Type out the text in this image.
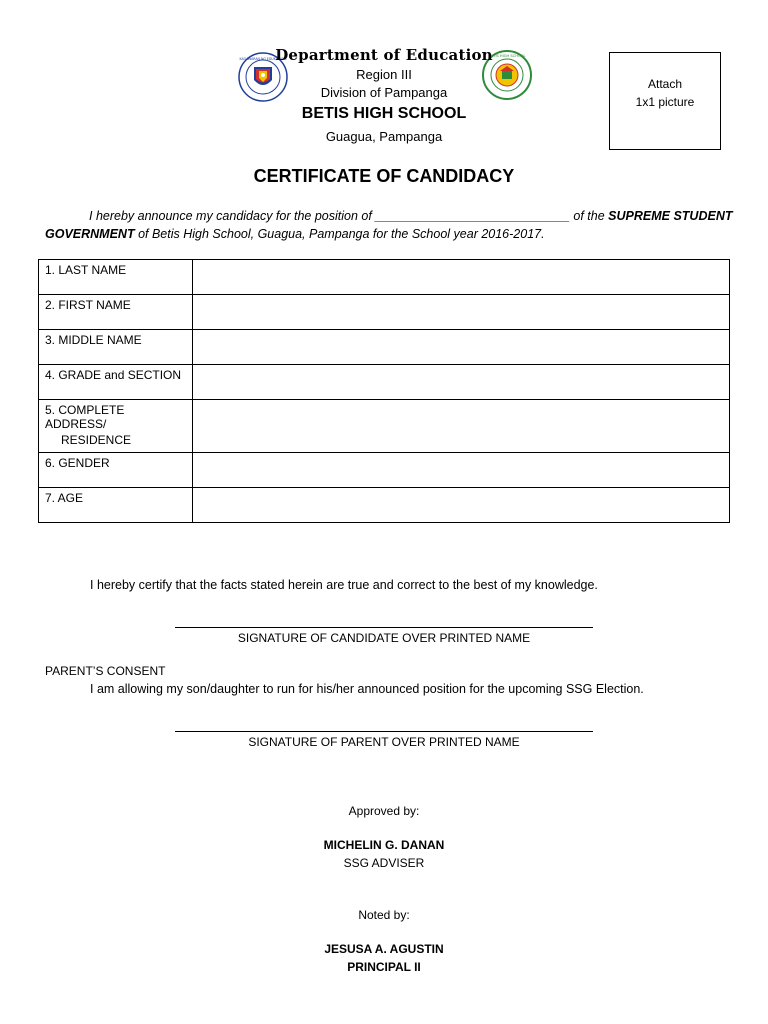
KAGAWARAN NG EDUKASYON
BETIS HIGH SCHOOL
Department of Education
Region III
Division of Pampanga
BETIS HIGH SCHOOL
Guagua, Pampanga
Attach
1x1 picture
CERTIFICATE OF CANDIDACY
I hereby announce my candidacy for the position of ____________________________ of the SUPREME STUDENT GOVERNMENT of Betis High School, Guagua, Pampanga for the School year 2016-2017.
1. LAST NAME	
2. FIRST NAME	
3. MIDDLE NAME	
4. GRADE and SECTION	
5. COMPLETE ADDRESS/
RESIDENCE	

6. GENDER	
7. AGE	
I hereby certify that the facts stated herein are true and correct to the best of my knowledge.
SIGNATURE OF CANDIDATE OVER PRINTED NAME
PARENT’S CONSENT
I am allowing my son/daughter to run for his/her announced position for the upcoming SSG Election.
SIGNATURE OF PARENT OVER PRINTED NAME
Approved by:
MICHELIN G. DANAN
SSG ADVISER
Noted by:
JESUSA A. AGUSTIN
PRINCIPAL II
